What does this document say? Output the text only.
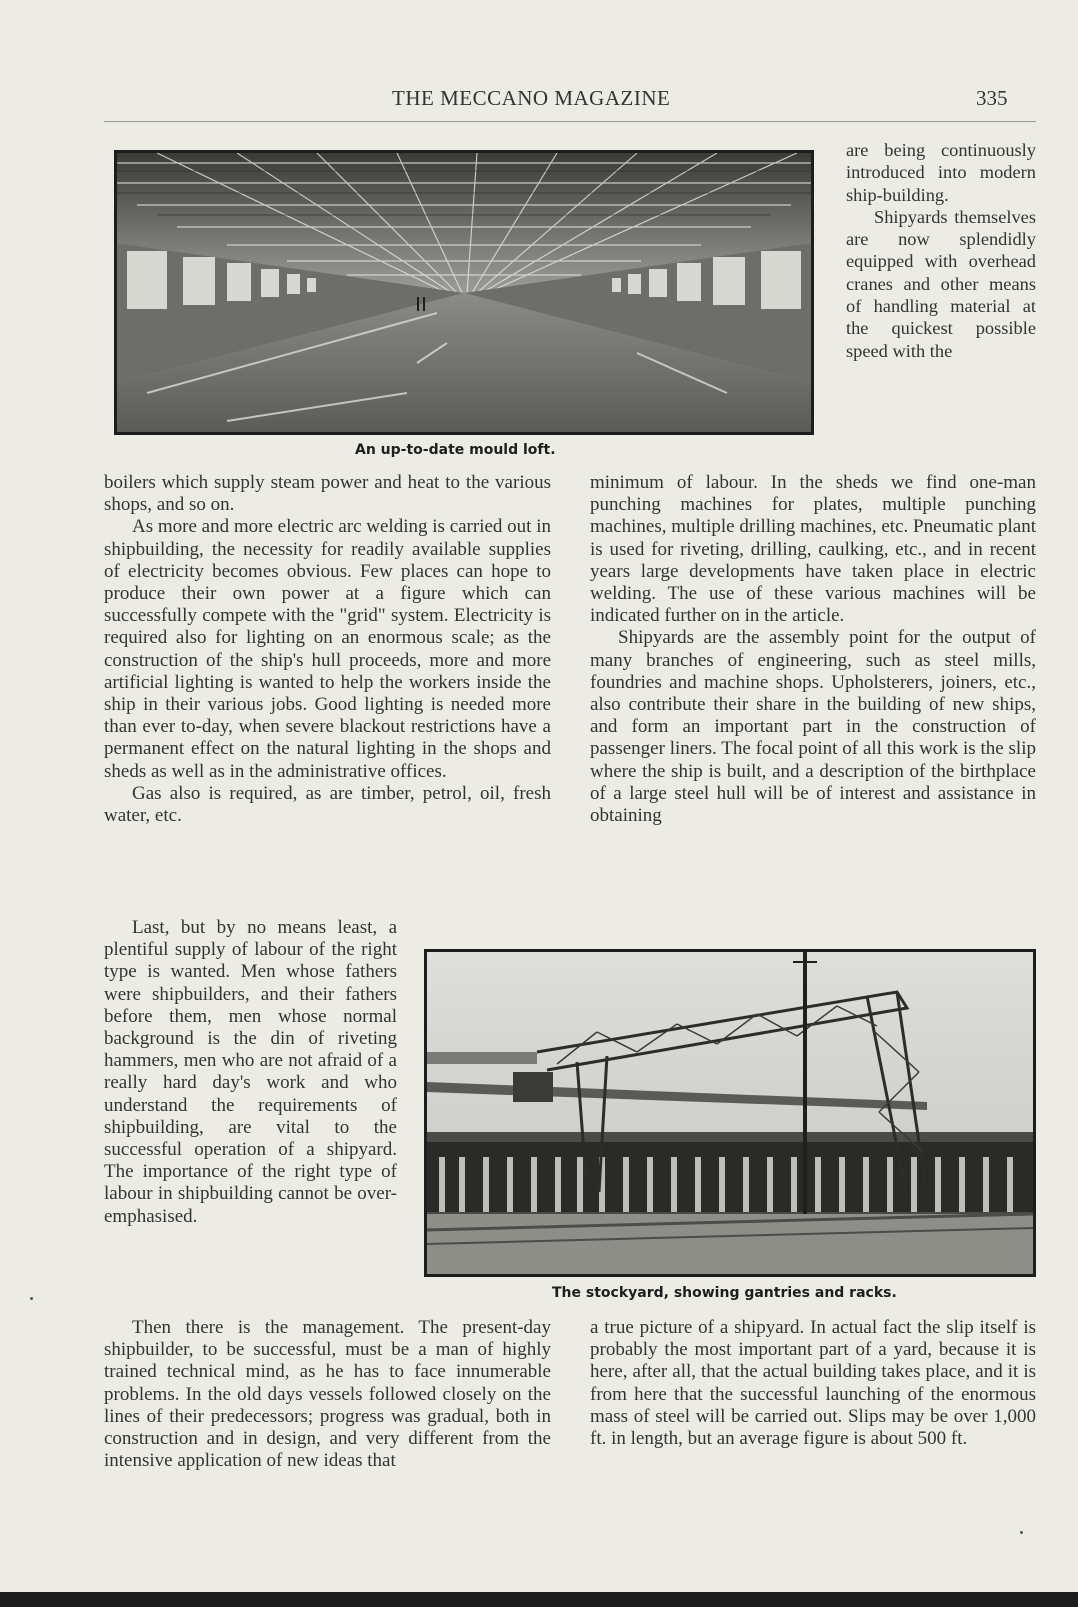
THE MECCANO MAGAZINE	335
An up-to-date mould loft.

are being continuously introduced into modern ship-building.

Shipyards themselves are now splendidly equipped with overhead cranes and other means of handling material at the quickest possible speed with the

boilers which supply steam power and heat to the various shops, and so on.

As more and more electric arc welding is carried out in shipbuilding, the necessity for readily available supplies of electricity becomes obvious. Few places can hope to produce their own power at a figure which can successfully compete with the "grid" system. Electricity is required also for lighting on an enormous scale; as the construction of the ship's hull proceeds, more and more artificial lighting is wanted to help the workers inside the ship in their various jobs. Good lighting is needed more than ever to-day, when severe blackout restrictions have a permanent effect on the natural lighting in the shops and sheds as well as in the administrative offices.

Gas also is required, as are timber, petrol, oil, fresh water, etc.

minimum of labour. In the sheds we find one-man punching machines for plates, multiple punching machines, multiple drilling machines, etc. Pneumatic plant is used for riveting, drilling, caulking, etc., and in recent years large developments have taken place in electric welding. The use of these various machines will be indicated further on in the article.

Shipyards are the assembly point for the output of many branches of engineering, such as steel mills, foundries and machine shops. Upholsterers, joiners, etc., also contribute their share in the building of new ships, and form an important part in the construction of passenger liners. The focal point of all this work is the slip where the ship is built, and a description of the birthplace of a large steel hull will be of interest and assistance in obtaining

Last, but by no means least, a plentiful supply of labour of the right type is wanted. Men whose fathers were shipbuilders, and their fathers before them, men whose normal background is the din of riveting hammers, men who are not afraid of a really hard day's work and who understand the requirements of shipbuilding, are vital to the successful operation of a shipyard. The importance of the right type of labour in shipbuilding cannot be over-emphasised.

The stockyard, showing gantries and racks.

Then there is the management. The present-day shipbuilder, to be successful, must be a man of highly trained technical mind, as he has to face innumerable problems. In the old days vessels followed closely on the lines of their predecessors; progress was gradual, both in construction and in design, and very different from the intensive application of new ideas that

a true picture of a shipyard. In actual fact the slip itself is probably the most important part of a yard, because it is here, after all, that the actual building takes place, and it is from here that the successful launching of the enormous mass of steel will be carried out. Slips may be over 1,000 ft. in length, but an average figure is about 500 ft.
